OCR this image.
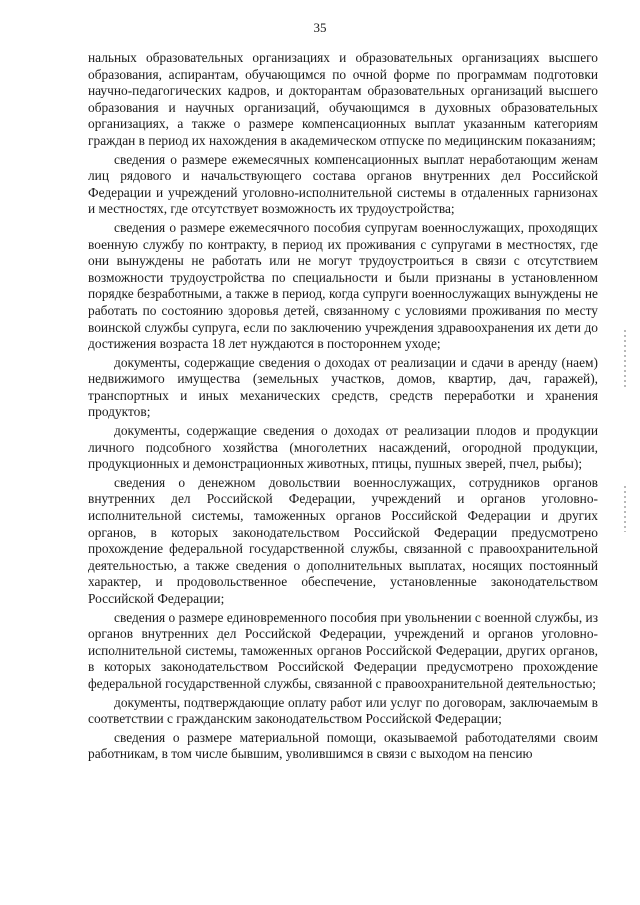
35

нальных образовательных организациях и образовательных организациях высшего образования, аспирантам, обучающимся по очной форме по программам подготовки научно-педагогических кадров, и докторантам образовательных организаций высшего образования и научных организаций, обучающимся в духовных образовательных организациях, а также о размере компенсационных выплат указанным категориям граждан в период их нахождения в академическом отпуске по медицинским показаниям;

сведения о размере ежемесячных компенсационных выплат неработающим женам лиц рядового и начальствующего состава органов внутренних дел Российской Федерации и учреждений уголовно-исполнительной системы в отдаленных гарнизонах и местностях, где отсутствует возможность их трудоустройства;

сведения о размере ежемесячного пособия супругам военнослужащих, проходящих военную службу по контракту, в период их проживания с супругами в местностях, где они вынуждены не работать или не могут трудоустроиться в связи с отсутствием возможности трудоустройства по специальности и были признаны в установленном порядке безработными, а также в период, когда супруги военнослужащих вынуждены не работать по состоянию здоровья детей, связанному с условиями проживания по месту воинской службы супруга, если по заключению учреждения здравоохранения их дети до достижения возраста 18 лет нуждаются в постороннем уходе;

документы, содержащие сведения о доходах от реализации и сдачи в аренду (наем) недвижимого имущества (земельных участков, домов, квартир, дач, гаражей), транспортных и иных механических средств, средств переработки и хранения продуктов;

документы, содержащие сведения о доходах от реализации плодов и продукции личного подсобного хозяйства (многолетних насаждений, огородной продукции, продукционных и демонстрационных животных, птицы, пушных зверей, пчел, рыбы);

сведения о денежном довольствии военнослужащих, сотрудников органов внутренних дел Российской Федерации, учреждений и органов уголовно-исполнительной системы, таможенных органов Российской Федерации и других органов, в которых законодательством Российской Федерации предусмотрено прохождение федеральной государственной службы, связанной с правоохранительной деятельностью, а также сведения о дополнительных выплатах, носящих постоянный характер, и продовольственное обеспечение, установленные законодательством Российской Федерации;

сведения о размере единовременного пособия при увольнении с военной службы, из органов внутренних дел Российской Федерации, учреждений и органов уголовно-исполнительной системы, таможенных органов Российской Федерации, других органов, в которых законодательством Российской Федерации предусмотрено прохождение федеральной государственной службы, связанной с правоохранительной деятельностью;

документы, подтверждающие оплату работ или услуг по договорам, заключаемым в соответствии с гражданским законодательством Российской Федерации;

сведения о размере материальной помощи, оказываемой работодателями своим работникам, в том числе бывшим, уволившимся в связи с выходом на пенсию
